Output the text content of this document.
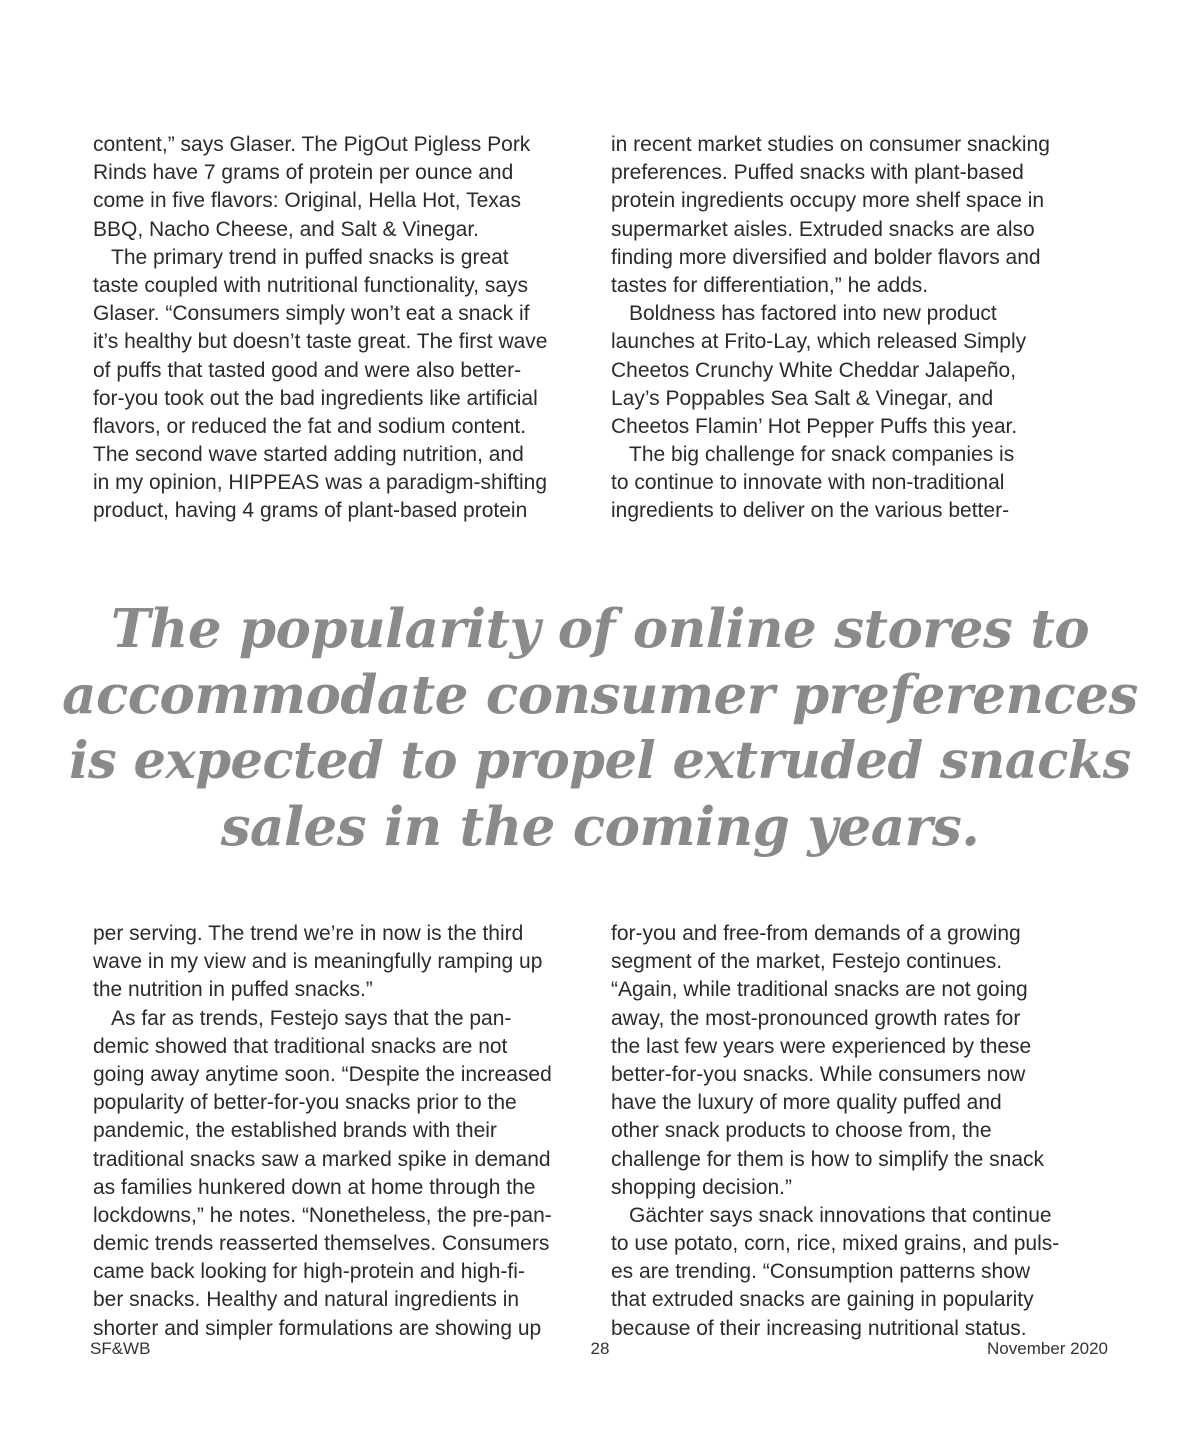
content,” says Glaser. The PigOut Pigless Pork
Rinds have 7 grams of protein per ounce and
come in five flavors: Original, Hella Hot, Texas
BBQ, Nacho Cheese, and Salt & Vinegar.
The primary trend in puffed snacks is great
taste coupled with nutritional functionality, says
Glaser. “Consumers simply won’t eat a snack if
it’s healthy but doesn’t taste great. The first wave
of puffs that tasted good and were also better-
for-you took out the bad ingredients like artificial
flavors, or reduced the fat and sodium content.
The second wave started adding nutrition, and
in my opinion, HIPPEAS was a paradigm-shifting
product, having 4 grams of plant-based protein
in recent market studies on consumer snacking
preferences. Puffed snacks with plant-based
protein ingredients occupy more shelf space in
supermarket aisles. Extruded snacks are also
finding more diversified and bolder flavors and
tastes for differentiation,” he adds.
Boldness has factored into new product
launches at Frito-Lay, which released Simply
Cheetos Crunchy White Cheddar Jalapeño,
Lay’s Poppables Sea Salt & Vinegar, and
Cheetos Flamin’ Hot Pepper Puffs this year.
The big challenge for snack companies is
to continue to innovate with non-traditional
ingredients to deliver on the various better-
The popularity of online stores to
accommodate consumer preferences
is expected to propel extruded snacks
sales in the coming years.
per serving. The trend we’re in now is the third
wave in my view and is meaningfully ramping up
the nutrition in puffed snacks.”
As far as trends, Festejo says that the pan-
demic showed that traditional snacks are not
going away anytime soon. “Despite the increased
popularity of better-for-you snacks prior to the
pandemic, the established brands with their
traditional snacks saw a marked spike in demand
as families hunkered down at home through the
lockdowns,” he notes. “Nonetheless, the pre-pan-
demic trends reasserted themselves. Consumers
came back looking for high-protein and high-fi-
ber snacks. Healthy and natural ingredients in
shorter and simpler formulations are showing up
for-you and free-from demands of a growing
segment of the market, Festejo continues.
“Again, while traditional snacks are not going
away, the most-pronounced growth rates for
the last few years were experienced by these
better-for-you snacks. While consumers now
have the luxury of more quality puffed and
other snack products to choose from, the
challenge for them is how to simplify the snack
shopping decision.”
Gächter says snack innovations that continue
to use potato, corn, rice, mixed grains, and puls-
es are trending. “Consumption patterns show
that extruded snacks are gaining in popularity
because of their increasing nutritional status.
SF&WB	28	November 2020
